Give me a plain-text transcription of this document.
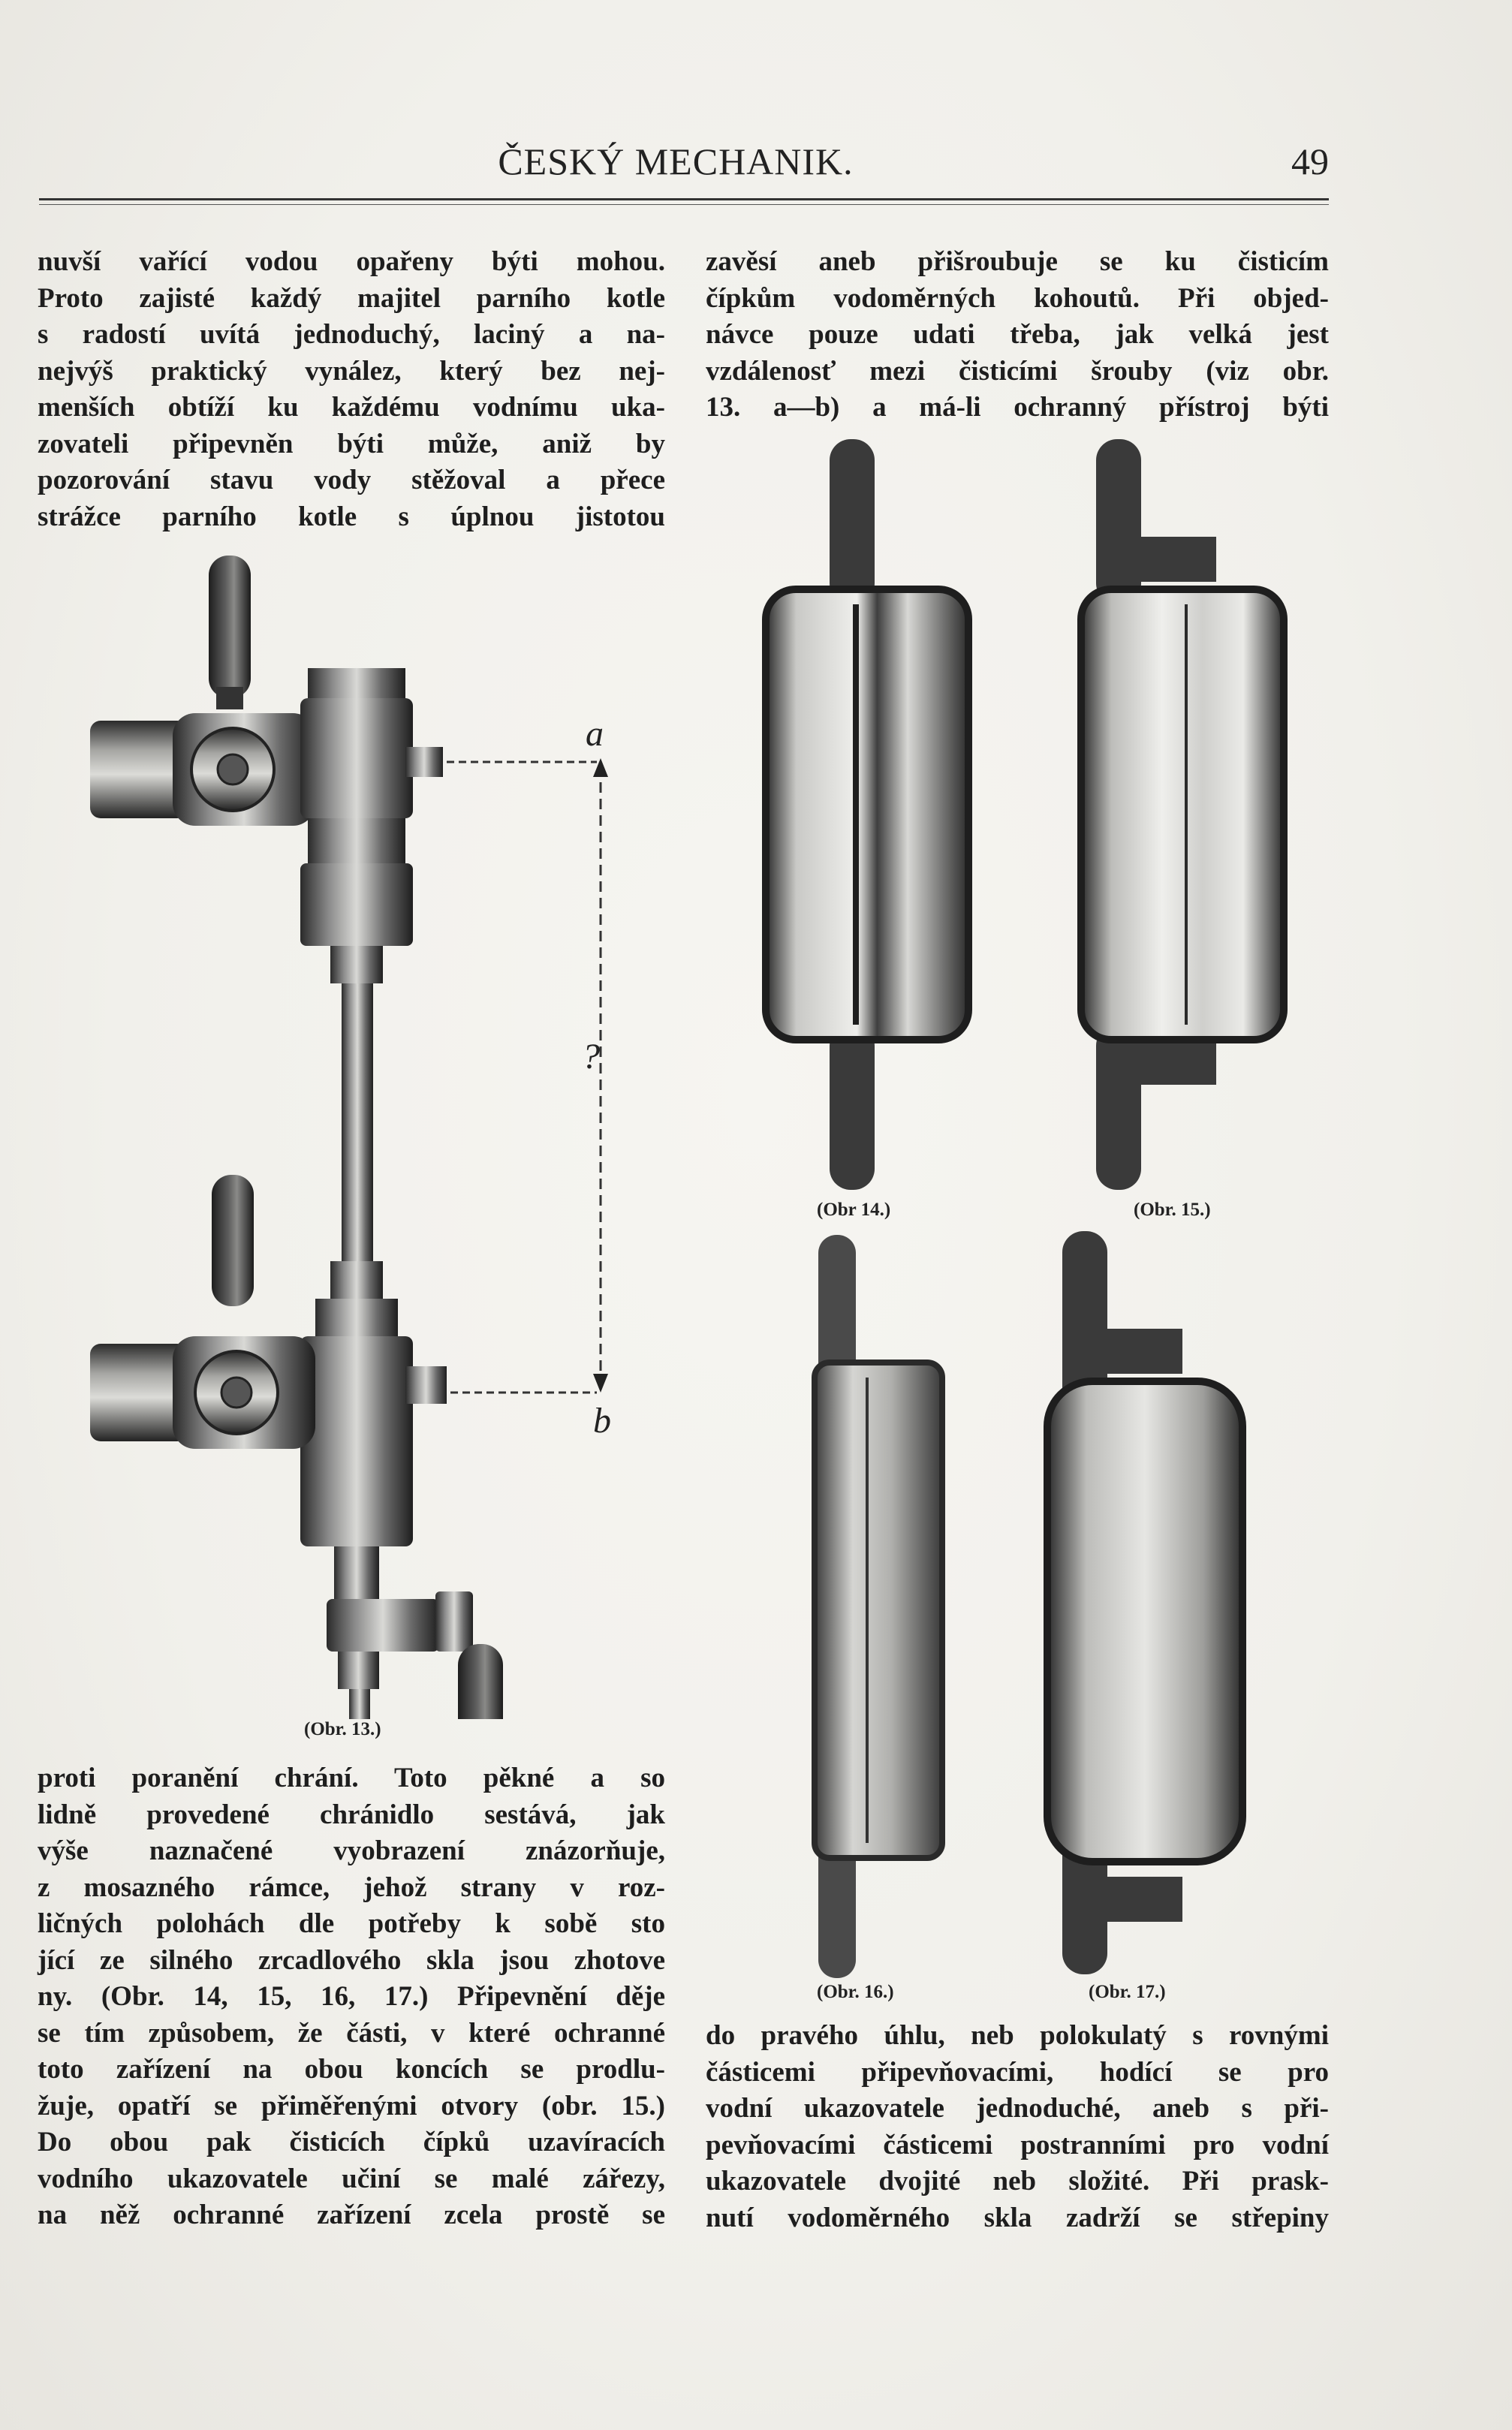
ČESKÝ MECHANIK.	49
nuvší vařící vodou opařeny býti mohou.
Proto zajisté každý majitel parního kotle
s radostí uvítá jednoduchý, laciný a na-
nejvýš praktický vynález, který bez nej-
menších obtíží ku každému vodnímu uka-
zovateli připevněn býti může, aniž by
pozorování stavu vody stěžoval a přece
strážce parního kotle s úplnou jistotou
zavěsí aneb přišroubuje se ku čisticím
čípkům vodoměrných kohoutů. Při objed-
návce pouze udati třeba, jak velká jest
vzdálenosť mezi čisticími šrouby (viz obr.
13. a—b) a má-li ochranný přístroj býti
a
?
b
(Obr. 13.)
(Obr 14.)	(Obr. 15.)
(Obr. 16.)	(Obr. 17.)
proti poranění chrání. Toto pěkné a so
lidně provedené chránidlo sestává, jak
výše naznačené vyobrazení znázorňuje,
z mosazného rámce, jehož strany v roz-
ličných polohách dle potřeby k sobě sto
jící ze silného zrcadlového skla jsou zhotove
ny. (Obr. 14, 15, 16, 17.) Připevnění děje
se tím způsobem, že části, v které ochranné
toto zařízení na obou koncích se prodlu-
žuje, opatří se přiměřenými otvory (obr. 15.)
Do obou pak čisticích čípků uzavíracích
vodního ukazovatele učiní se malé zářezy,
na něž ochranné zařízení zcela prostě se
do pravého úhlu, neb polokulatý s rovnými
částicemi připevňovacími, hodící se pro
vodní ukazovatele jednoduché, aneb s při-
pevňovacími částicemi postranními pro vodní
ukazovatele dvojité neb složité. Při prask-
nutí vodoměrného skla zadrží se střepiny
